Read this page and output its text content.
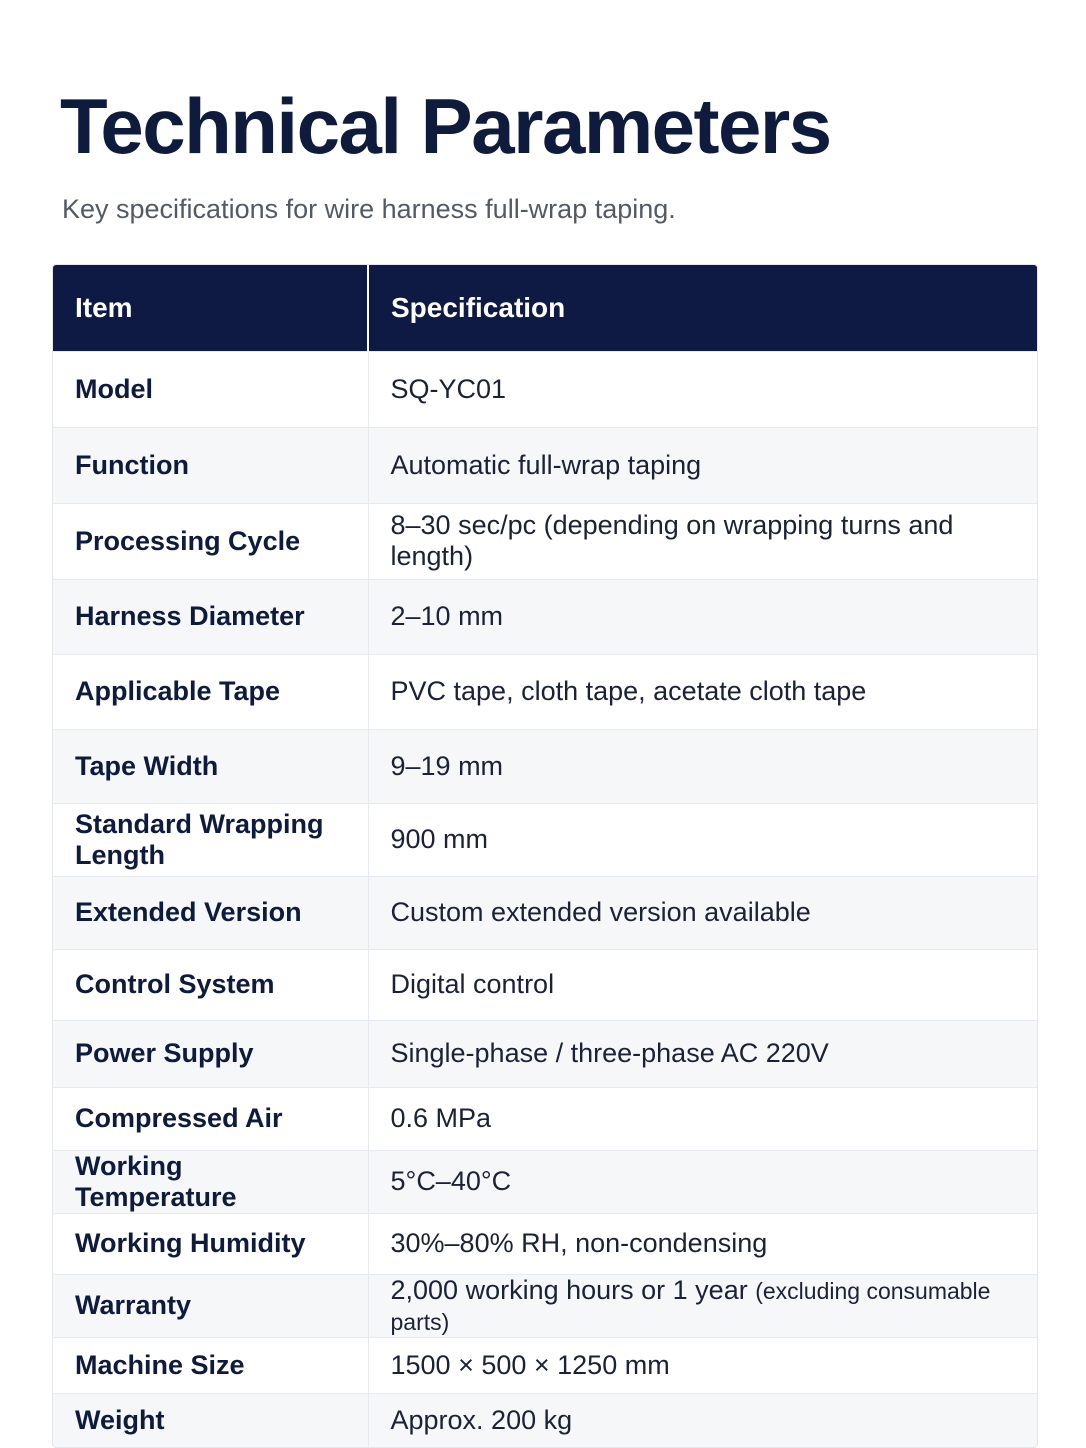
Technical Parameters

Key specifications for wire harness full-wrap taping.

Item	Specification
Model	SQ-YC01
Function	Automatic full-wrap taping
Processing Cycle	8–30 sec/pc (depending on wrapping turns and length)
Harness Diameter	2–10 mm
Applicable Tape	PVC tape, cloth tape, acetate cloth tape
Tape Width	9–19 mm
Standard Wrapping Length	900 mm
Extended Version	Custom extended version available
Control System	Digital control
Power Supply	Single-phase / three-phase AC 220V
Compressed Air	0.6 MPa
Working Temperature	5°C–40°C
Working Humidity	30%–80% RH, non-condensing
Warranty	2,000 working hours or 1 year (excluding consumable parts)
Machine Size	1500 × 500 × 1250 mm
Weight	Approx. 200 kg
